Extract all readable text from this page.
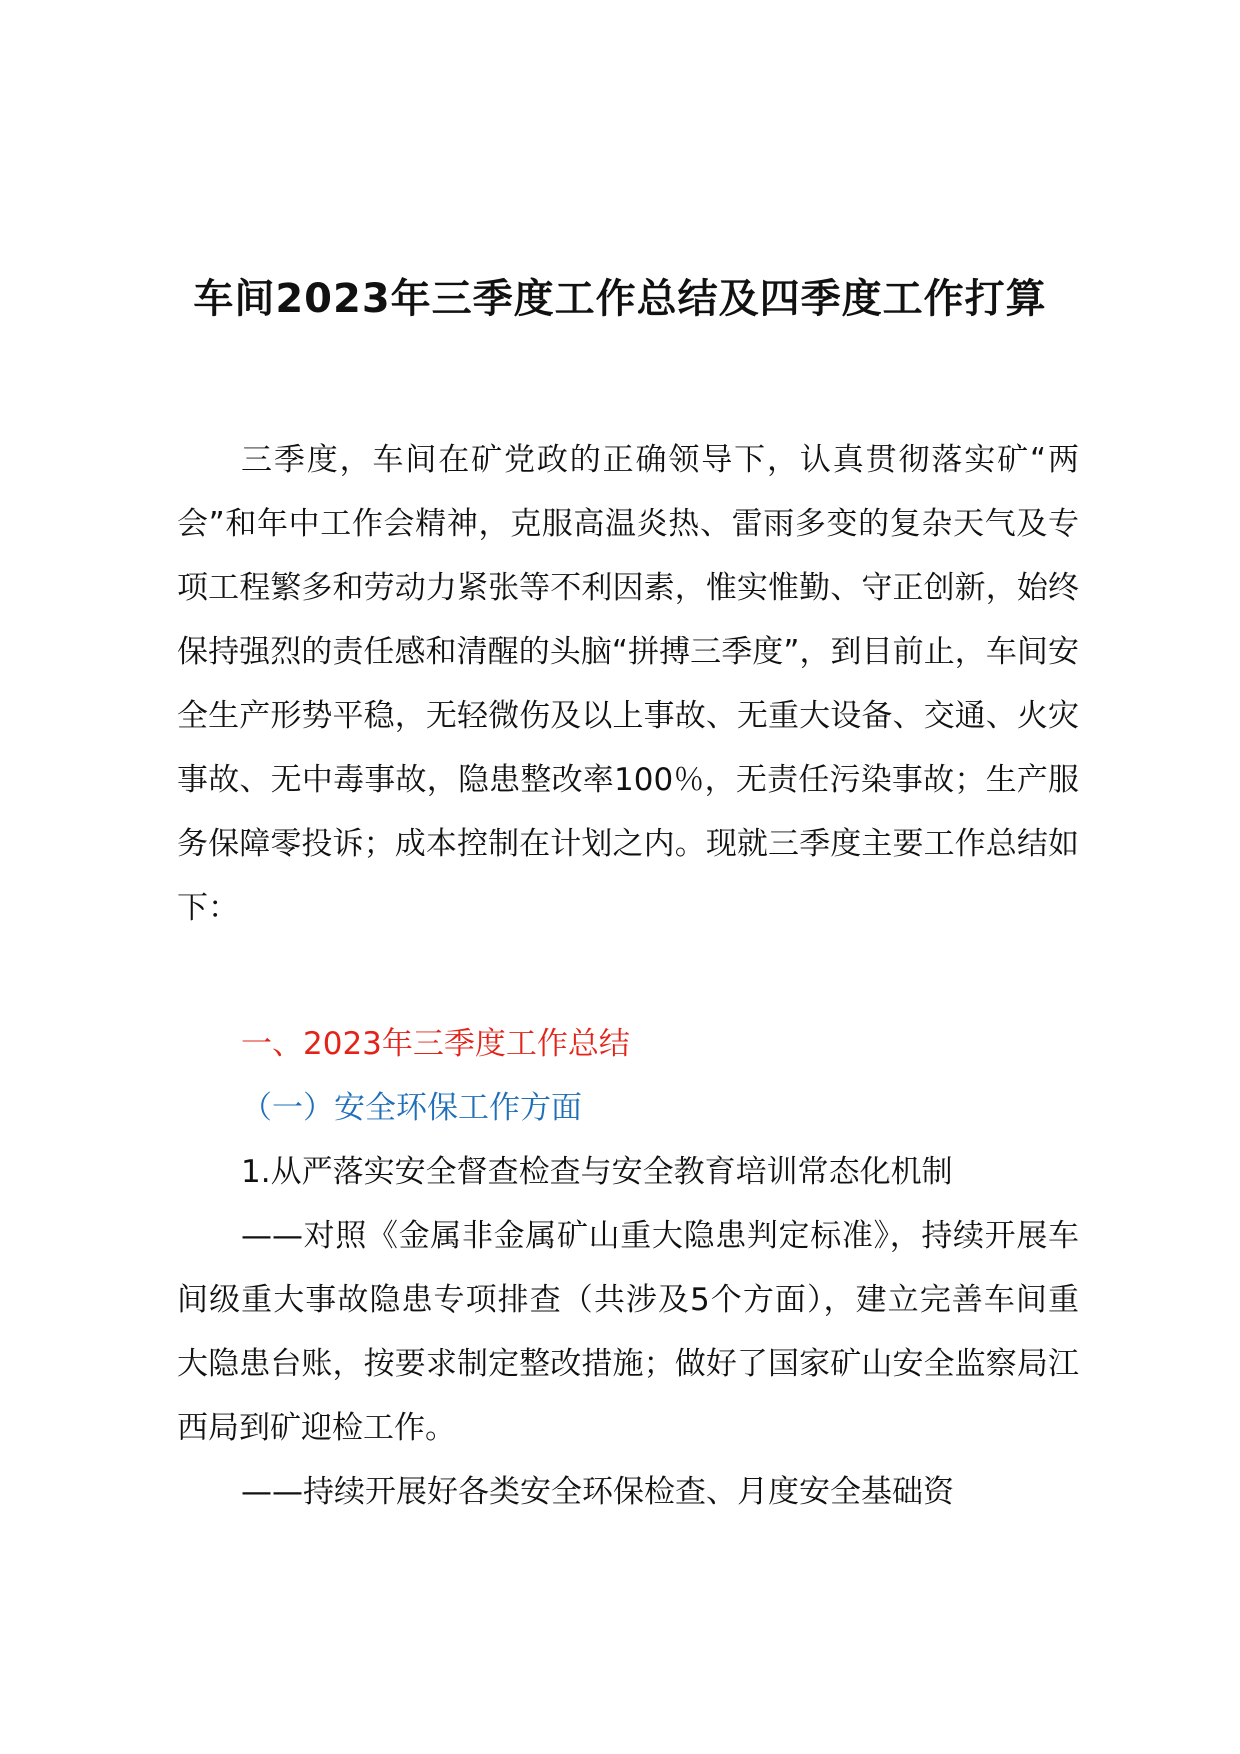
车间2023年三季度工作总结及四季度工作打算

三季度，车间在矿党政的正确领导下，认真贯彻落实矿“两会”和年中工作会精神，克服高温炎热、雷雨多变的复杂天气及专项工程繁多和劳动力紧张等不利因素，惟实惟勤、守正创新，始终保持强烈的责任感和清醒的头脑“拼搏三季度”，到目前止，车间安全生产形势平稳，无轻微伤及以上事故、无重大设备、交通、火灾事故、无中毒事故，隐患整改率100％，无责任污染事故；生产服务保障零投诉；成本控制在计划之内。现就三季度主要工作总结如下：

一、2023年三季度工作总结

（一）安全环保工作方面

1.从严落实安全督查检查与安全教育培训常态化机制

——对照《金属非金属矿山重大隐患判定标准》，持续开展车间级重大事故隐患专项排查（共涉及5个方面），建立完善车间重大隐患台账，按要求制定整改措施；做好了国家矿山安全监察局江西局到矿迎检工作。

——持续开展好各类安全环保检查、月度安全基础资
